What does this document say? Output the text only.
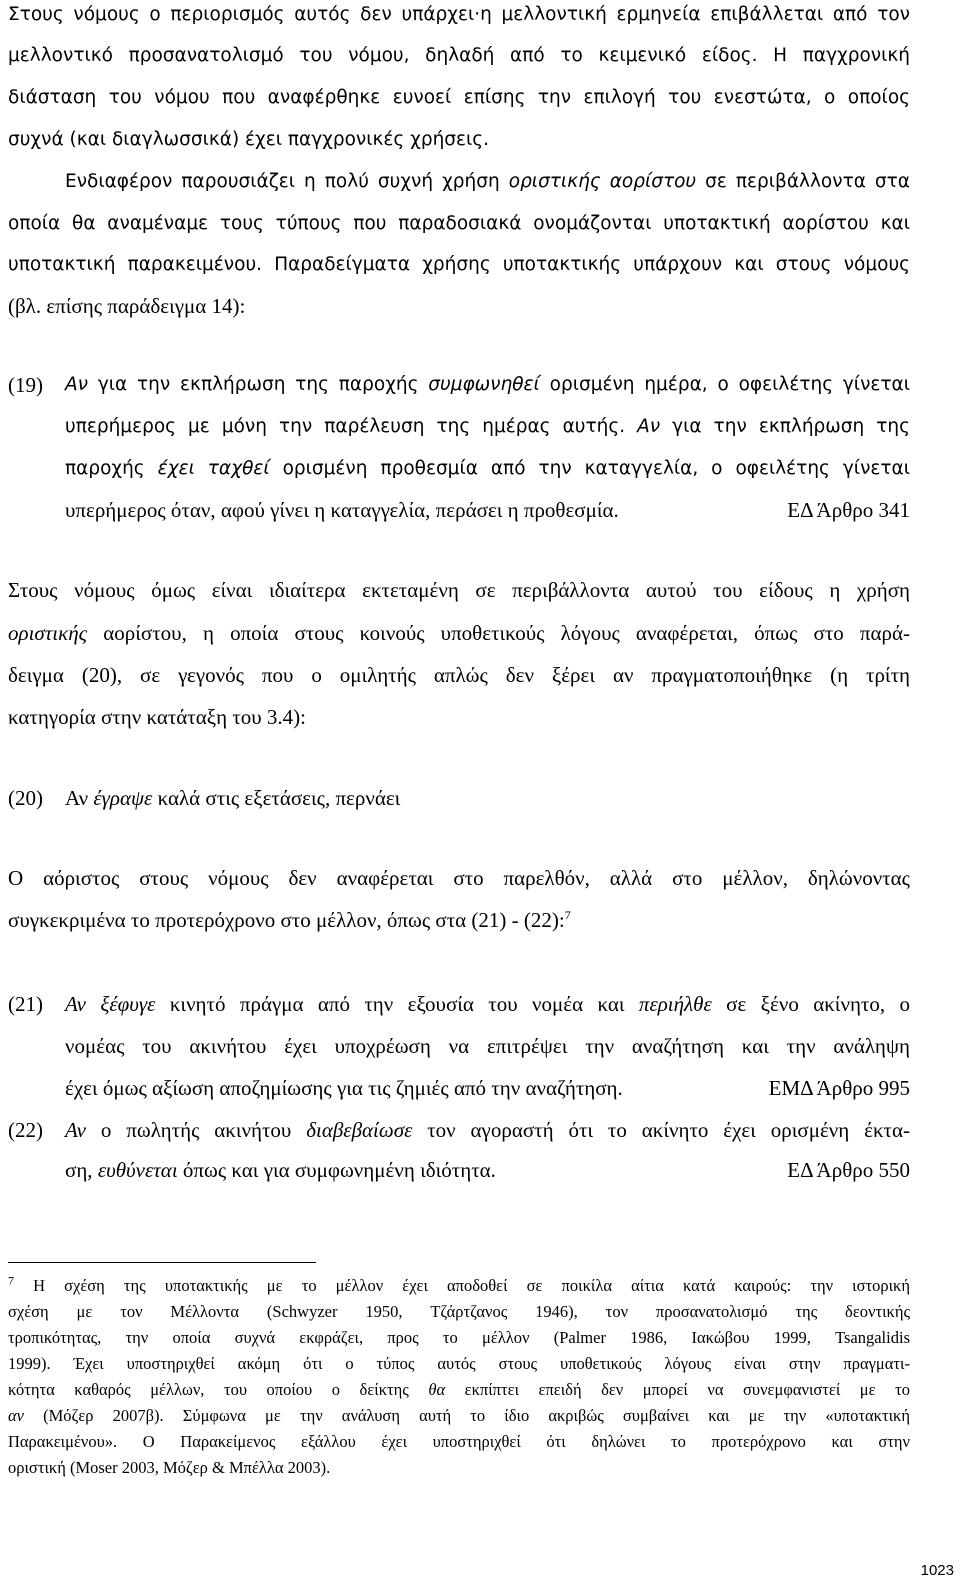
Στους νόμους ο περιορισμός αυτός δεν υπάρχει·η μελλοντική ερμηνεία επιβάλλεται από τον
μελλοντικό προσανατολισμό του νόμου, δηλαδή από το κειμενικό είδος. Η παγχρονική
διάσταση του νόμου που αναφέρθηκε ευνοεί επίσης την επιλογή του ενεστώτα, ο οποίος
συχνά (και διαγλωσσικά) έχει παγχρονικές χρήσεις.
Ενδιαφέρον παρουσιάζει η πολύ συχνή χρήση οριστικής αορίστου σε περιβάλλοντα στα
οποία θα αναμέναμε τους τύπους που παραδοσιακά ονομάζονται υποτακτική αορίστου και
υποτακτική παρακειμένου. Παραδείγματα χρήσης υποτακτικής υπάρχουν και στους νόμους
(βλ. επίσης παράδειγμα 14):
(19) Αν για την εκπλήρωση της παροχής συμφωνηθεί ορισμένη ημέρα, ο οφειλέτης γίνεται
υπερήμερος με μόνη την παρέλευση της ημέρας αυτής. Αν για την εκπλήρωση της
παροχής έχει ταχθεί ορισμένη προθεσμία από την καταγγελία, ο οφειλέτης γίνεται
υπερήμερος όταν, αφού γίνει η καταγγελία, περάσει η προθεσμία.	ΕΔ Άρθρο 341
Στους νόμους όμως είναι ιδιαίτερα εκτεταμένη σε περιβάλλοντα αυτού του είδους η χρήση
οριστικής αορίστου, η οποία στους κοινούς υποθετικούς λόγους αναφέρεται, όπως στο παρά-
δειγμα (20), σε γεγονός που ο ομιλητής απλώς δεν ξέρει αν πραγματοποιήθηκε (η τρίτη
κατηγορία στην κατάταξη του 3.4):
(20) Αν έγραψε καλά στις εξετάσεις, περνάει
Ο αόριστος στους νόμους δεν αναφέρεται στο παρελθόν, αλλά στο μέλλον, δηλώνοντας
συγκεκριμένα το προτερόχρονο στο μέλλον, όπως στα (21) - (22):$^7$
(21) Αν ξέφυγε κινητό πράγμα από την εξουσία του νομέα και περιήλθε σε ξένο ακίνητο, ο
νομέας του ακινήτου έχει υποχρέωση να επιτρέψει την αναζήτηση και την ανάληψη
έχει όμως αξίωση αποζημίωσης για τις ζημιές από την αναζήτηση.	ΕΜΔ Άρθρο 995
(22) Αν ο πωλητής ακινήτου διαβεβαίωσε τον αγοραστή ότι το ακίνητο έχει ορισμένη έκτα-
ση, ευθύνεται όπως και για συμφωνημένη ιδιότητα.	ΕΔ Άρθρο 550
$^7$ Η σχέση της υποτακτικής με το μέλλον έχει αποδοθεί σε ποικίλα αίτια κατά καιρούς: την ιστορική
σχέση με τον Μέλλοντα (Schwyzer 1950, Τζάρτζανος 1946), τον προσανατολισμό της δεοντικής
τροπικότητας, την οποία συχνά εκφράζει, προς το μέλλον (Palmer 1986, Ιακώβου 1999, Tsangalidis
1999). Έχει υποστηριχθεί ακόμη ότι ο τύπος αυτός στους υποθετικούς λόγους είναι στην πραγματι-
κότητα καθαρός μέλλων, του οποίου ο δείκτης θα εκπίπτει επειδή δεν μπορεί να συνεμφανιστεί με το
αν (Μόζερ 2007β). Σύμφωνα με την ανάλυση αυτή το ίδιο ακριβώς συμβαίνει και με την «υποτακτική
Παρακειμένου». Ο Παρακείμενος εξάλλου έχει υποστηριχθεί ότι δηλώνει το προτερόχρονο και στην
οριστική (Moser 2003, Μόζερ & Μπέλλα 2003).
1023
